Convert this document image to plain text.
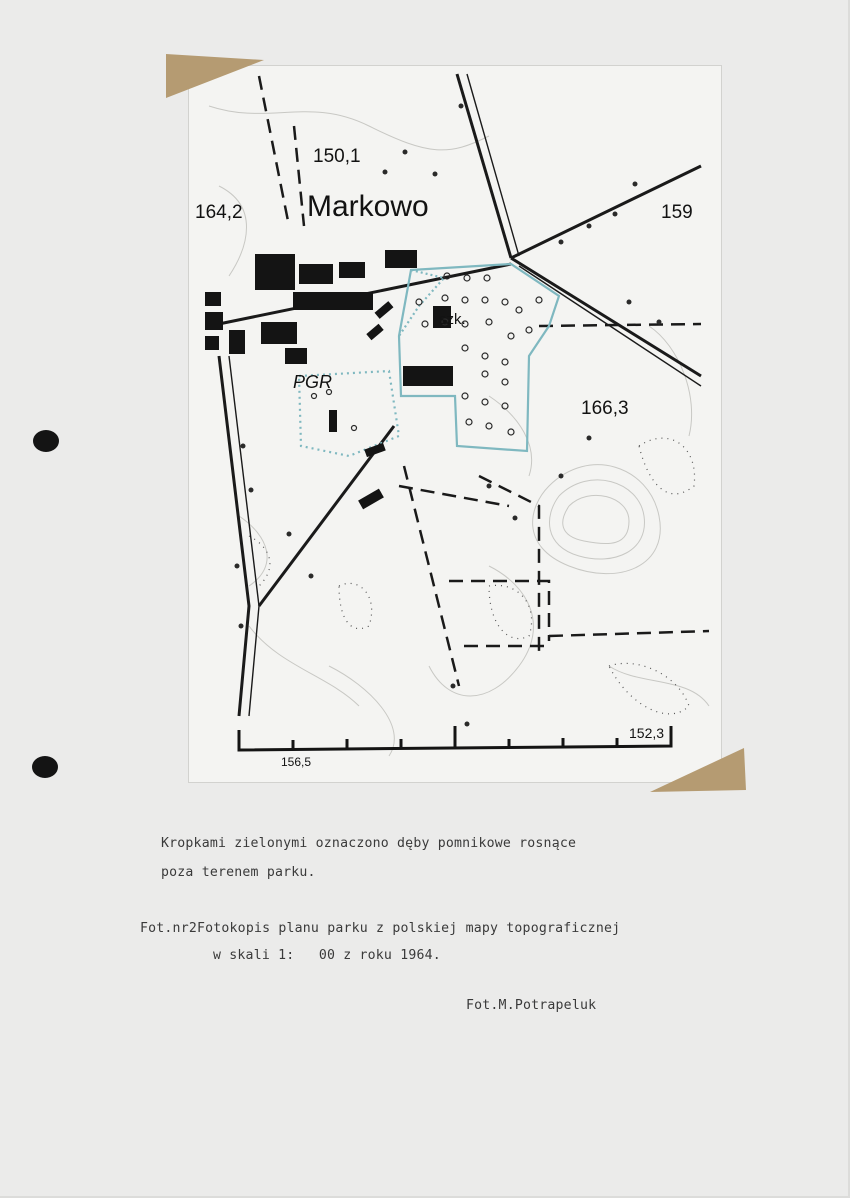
Markowo
150,1
164,2	159
166,3
152,3
156,5
PGR
szk.
Kropkami zielonymi oznaczono dęby pomnikowe rosnące
poza terenem parku.
Fot.nr2Fotokopis planu parku z polskiej mapy topograficznej
w skali 1:   00 z roku 1964.
Fot.M.Potrapeluk
